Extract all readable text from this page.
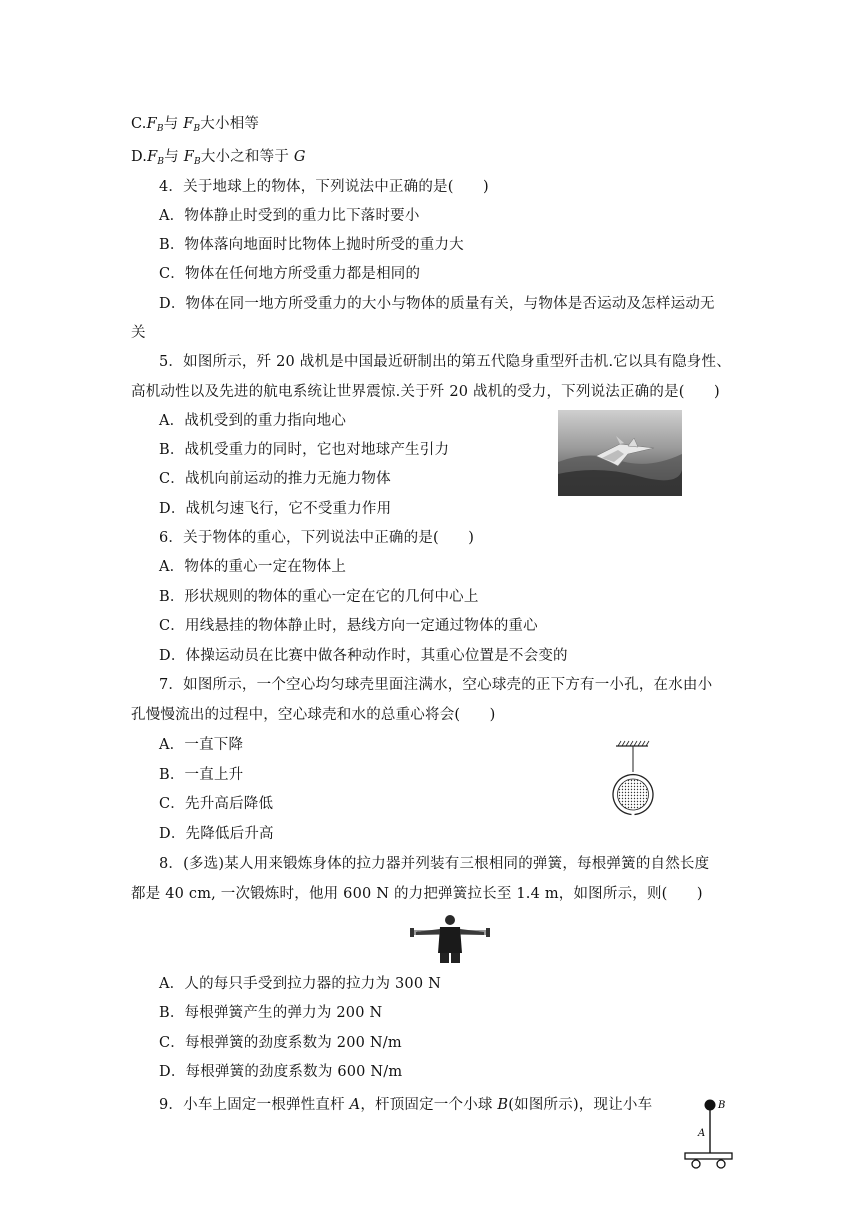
$C.F_B$与 $F_B$大小相等
$D.F_B$与 $F_B$大小之和等于 G
4．关于地球上的物体，下列说法中正确的是(　　)
A．物体静止时受到的重力比下落时要小
B．物体落向地面时比物体上抛时所受的重力大
C．物体在任何地方所受重力都是相同的
D．物体在同一地方所受重力的大小与物体的质量有关，与物体是否运动及怎样运动无
关
5．如图所示，歼 20 战机是中国最近研制出的第五代隐身重型歼击机.它以具有隐身性、
高机动性以及先进的航电系统让世界震惊.关于歼 20 战机的受力，下列说法正确的是(　　)
A．战机受到的重力指向地心
B．战机受重力的同时，它也对地球产生引力
C．战机向前运动的推力无施力物体
D．战机匀速飞行，它不受重力作用
6．关于物体的重心，下列说法中正确的是(　　)
A．物体的重心一定在物体上
B．形状规则的物体的重心一定在它的几何中心上
C．用线悬挂的物体静止时，悬线方向一定通过物体的重心
D．体操运动员在比赛中做各种动作时，其重心位置是不会变的
7．如图所示，一个空心均匀球壳里面注满水，空心球壳的正下方有一小孔，在水由小
孔慢慢流出的过程中，空心球壳和水的总重心将会(　　)
A．一直下降
B．一直上升
C．先升高后降低
D．先降低后升高
8．(多选)某人用来锻炼身体的拉力器并列装有三根相同的弹簧，每根弹簧的自然长度
都是 40 cm, 一次锻炼时，他用 600 N 的力把弹簧拉长至 1.4 m，如图所示，则(　　)
A．人的每只手受到拉力器的拉力为 300 N
B．每根弹簧产生的弹力为 200 N
C．每根弹簧的劲度系数为 200 N/m
D．每根弹簧的劲度系数为 600 N/m
9．小车上固定一根弹性直杆 A，杆顶固定一个小球 B(如图所示)，现让小车	B
A
